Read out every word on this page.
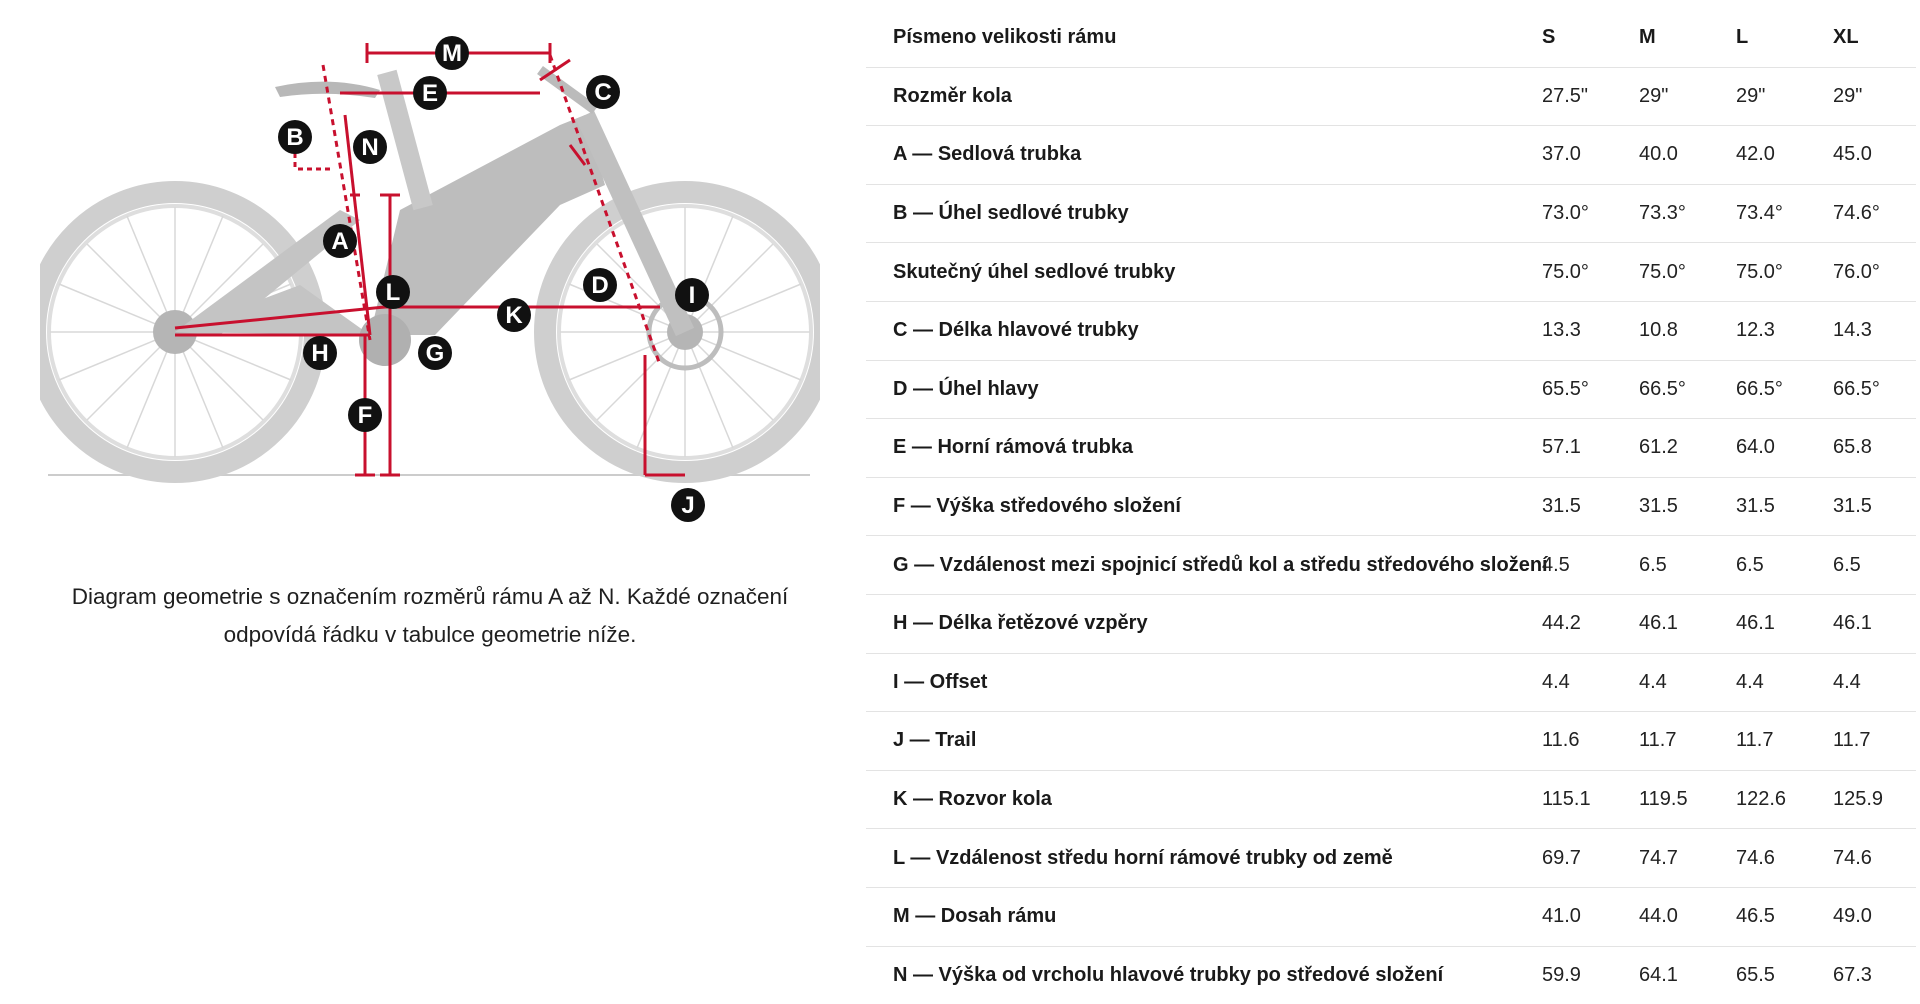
M
E	C
B N
A
L	D	I
K
H	G
F
J

Diagram geometrie s označením rozměrů rámu A až N. Každé označení odpovídá řádku v tabulce geometrie níže.

Písmeno velikosti rámu	S	M	L	XL
Rozměr kola	27.5"	29"	29"	29"
A — Sedlová trubka	37.0	40.0	42.0	45.0
B — Úhel sedlové trubky	73.0°	73.3°	73.4°	74.6°
Skutečný úhel sedlové trubky	75.0°	75.0°	75.0°	76.0°
C — Délka hlavové trubky	13.3	10.8	12.3	14.3
D — Úhel hlavy	65.5°	66.5°	66.5°	66.5°
E — Horní rámová trubka	57.1	61.2	64.0	65.8
F — Výška středového složení	31.5	31.5	31.5	31.5
G — Vzdálenost mezi spojnicí středů kol a středu středového složení	4.5	6.5	6.5	6.5
H — Délka řetězové vzpěry	44.2	46.1	46.1	46.1
I — Offset	4.4	4.4	4.4	4.4
J — Trail	11.6	11.7	11.7	11.7
K — Rozvor kola	115.1	119.5	122.6	125.9
L — Vzdálenost středu horní rámové trubky od země	69.7	74.7	74.6	74.6
M — Dosah rámu	41.0	44.0	46.5	49.0
N — Výška od vrcholu hlavové trubky po středové složení	59.9	64.1	65.5	67.3
